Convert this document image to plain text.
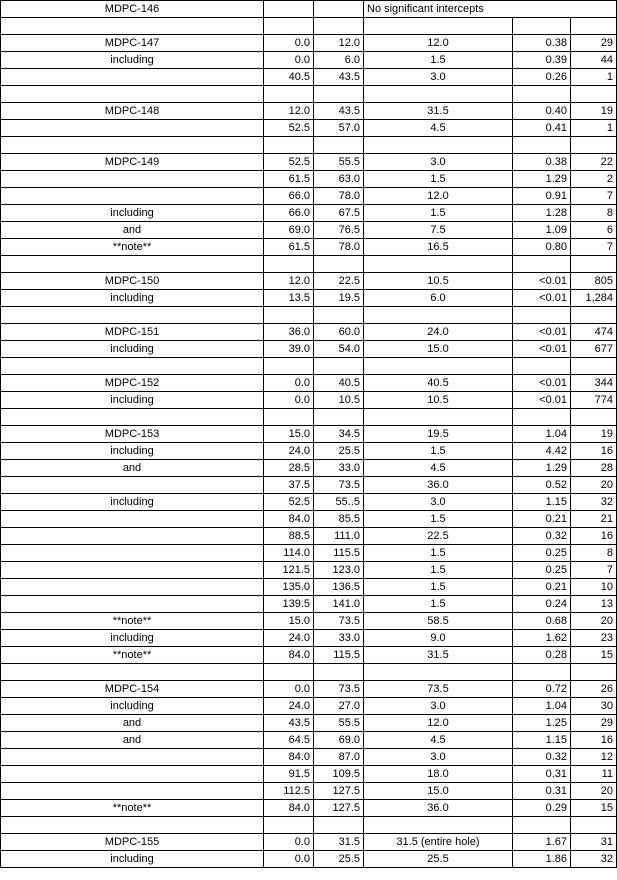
MDPC-146			No significant intercepts		

MDPC-147	0.0	12.0	12.0	0.38	29
including	0.0	6.0	1.5	0.39	44
	40.5	43.5	3.0	0.26	1

MDPC-148	12.0	43.5	31.5	0.40	19
	52.5	57.0	4.5	0.41	1

MDPC-149	52.5	55.5	3.0	0.38	22
	61.5	63.0	1.5	1.29	2
	66.0	78.0	12.0	0.91	7
including	66.0	67.5	1.5	1.28	8
and	69.0	76.5	7.5	1.09	6
**note**	61.5	78.0	16.5	0.80	7

MDPC-150	12.0	22.5	10.5	<0.01	805
including	13.5	19.5	6.0	<0.01	1,284

MDPC-151	36.0	60.0	24.0	<0.01	474
including	39.0	54.0	15.0	<0.01	677

MDPC-152	0.0	40.5	40.5	<0.01	344
including	0.0	10.5	10.5	<0.01	774

MDPC-153	15.0	34.5	19.5	1.04	19
including	24.0	25.5	1.5	4.42	16
and	28.5	33.0	4.5	1.29	28
	37.5	73.5	36.0	0.52	20
including	52.5	55..5	3.0	1.15	32
	84.0	85.5	1.5	0.21	21
	88.5	111.0	22.5	0.32	16
	114.0	115.5	1.5	0.25	8
	121.5	123.0	1.5	0.25	7
	135.0	136.5	1.5	0.21	10
	139.5	141.0	1.5	0.24	13
**note**	15.0	73.5	58.5	0.68	20
including	24.0	33.0	9.0	1.62	23
**note**	84.0	115.5	31.5	0.28	15

MDPC-154	0.0	73.5	73.5	0.72	26
including	24.0	27.0	3.0	1.04	30
and	43.5	55.5	12.0	1.25	29
and	64.5	69.0	4.5	1.15	16
	84.0	87.0	3.0	0.32	12
	91.5	109.5	18.0	0.31	11
	112.5	127.5	15.0	0.31	20
**note**	84.0	127.5	36.0	0.29	15

MDPC-155	0.0	31.5	31.5 (entire hole)	1.67	31
including	0.0	25.5	25.5	1.86	32
